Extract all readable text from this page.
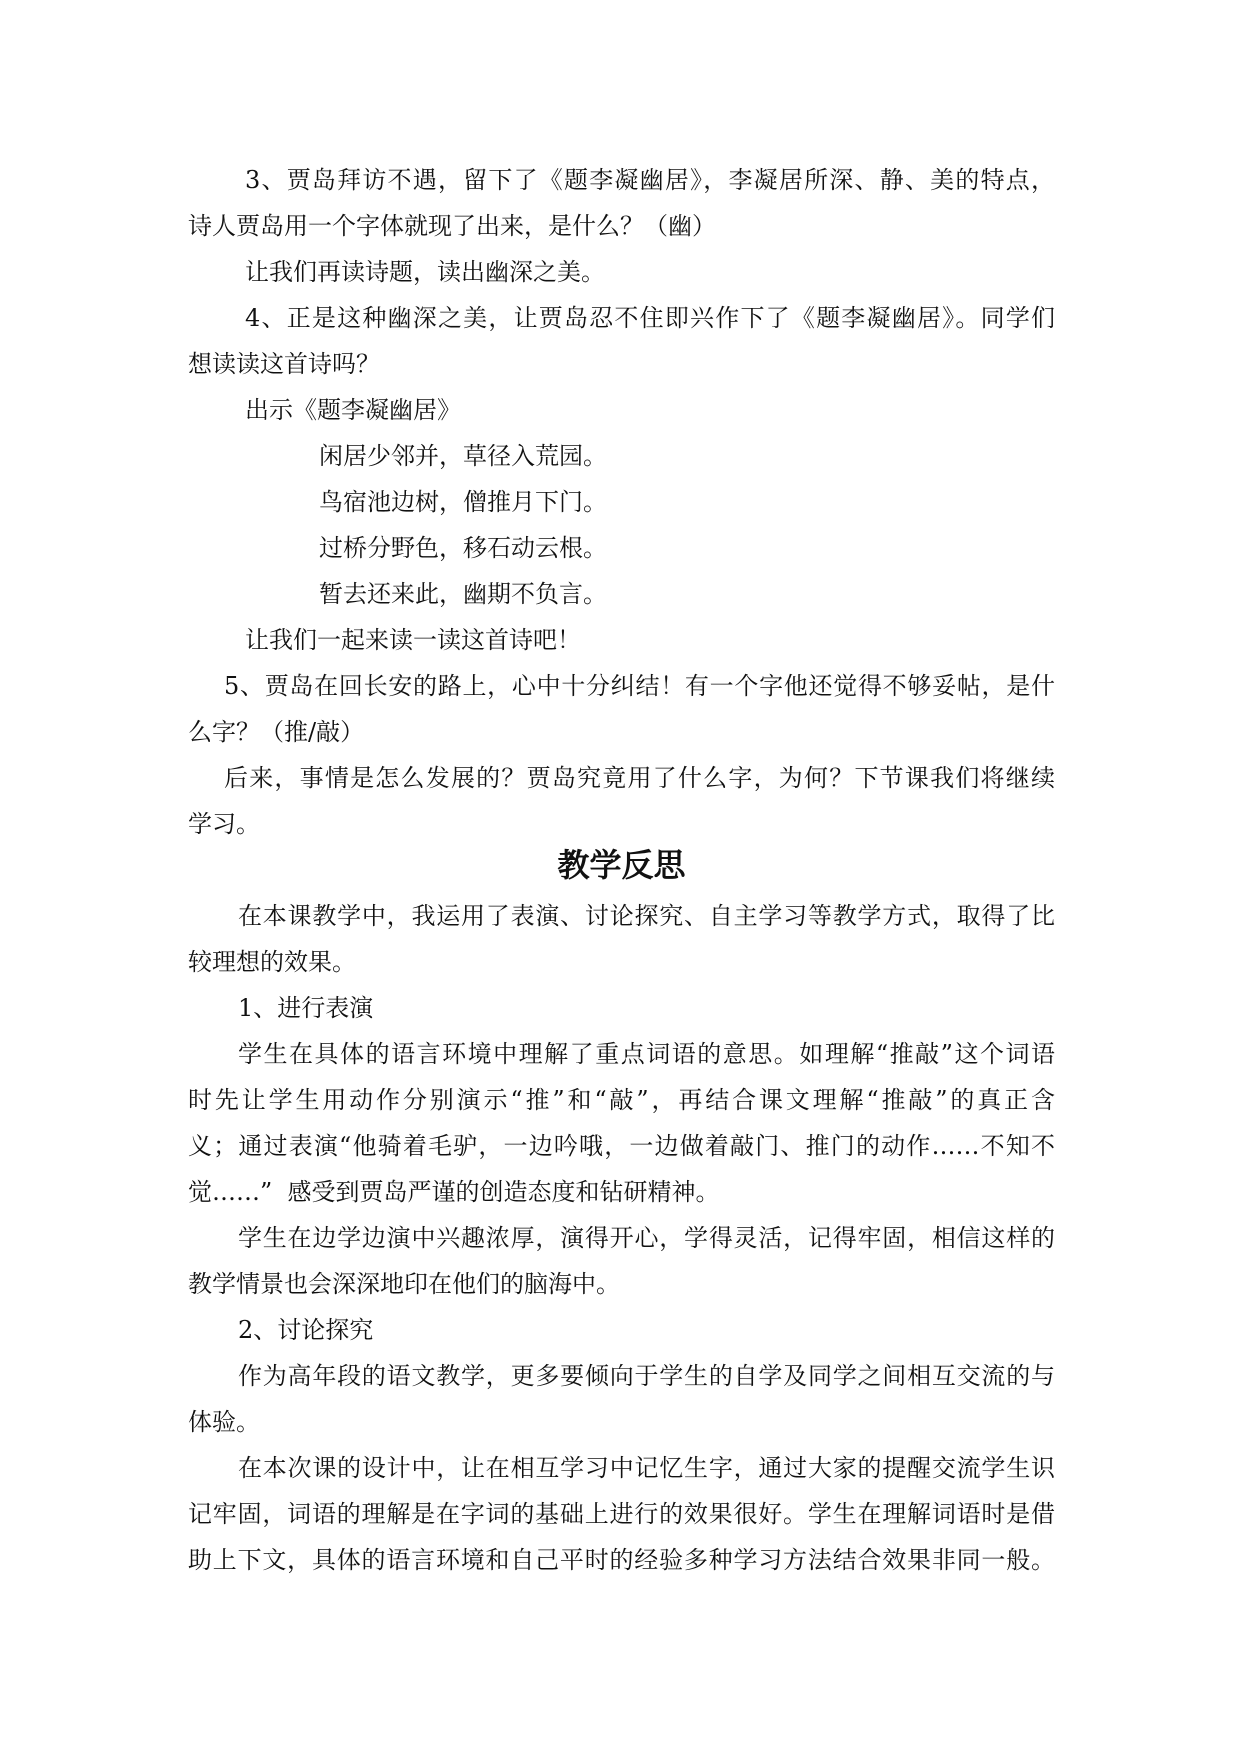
3、贾岛拜访不遇，留下了《题李凝幽居》，李凝居所深、静、美的特点，
诗人贾岛用一个字体就现了出来，是什么？（幽）
让我们再读诗题，读出幽深之美。
4、正是这种幽深之美，让贾岛忍不住即兴作下了《题李凝幽居》。同学们
想读读这首诗吗？
出示《题李凝幽居》
闲居少邻并，草径入荒园。
鸟宿池边树，僧推月下门。
过桥分野色，移石动云根。
暂去还来此，幽期不负言。
让我们一起来读一读这首诗吧！
5、贾岛在回长安的路上，心中十分纠结！有一个字他还觉得不够妥帖，是什
么字？（推/敲）
后来，事情是怎么发展的？贾岛究竟用了什么字，为何？下节课我们将继续
学习。
教学反思
在本课教学中，我运用了表演、讨论探究、自主学习等教学方式，取得了比
较理想的效果。
1、进行表演
学生在具体的语言环境中理解了重点词语的意思。如理解“推敲”这个词语
时先让学生用动作分别演示“推”和“敲”，再结合课文理解“推敲”的真正含
义；通过表演“他骑着毛驴，一边吟哦，一边做着敲门、推门的动作……不知不
觉……”  感受到贾岛严谨的创造态度和钻研精神。
学生在边学边演中兴趣浓厚，演得开心，学得灵活，记得牢固，相信这样的
教学情景也会深深地印在他们的脑海中。
2、讨论探究
作为高年段的语文教学，更多要倾向于学生的自学及同学之间相互交流的与
体验。
在本次课的设计中，让在相互学习中记忆生字，通过大家的提醒交流学生识
记牢固，词语的理解是在字词的基础上进行的效果很好。学生在理解词语时是借
助上下文，具体的语言环境和自己平时的经验多种学习方法结合效果非同一般。
